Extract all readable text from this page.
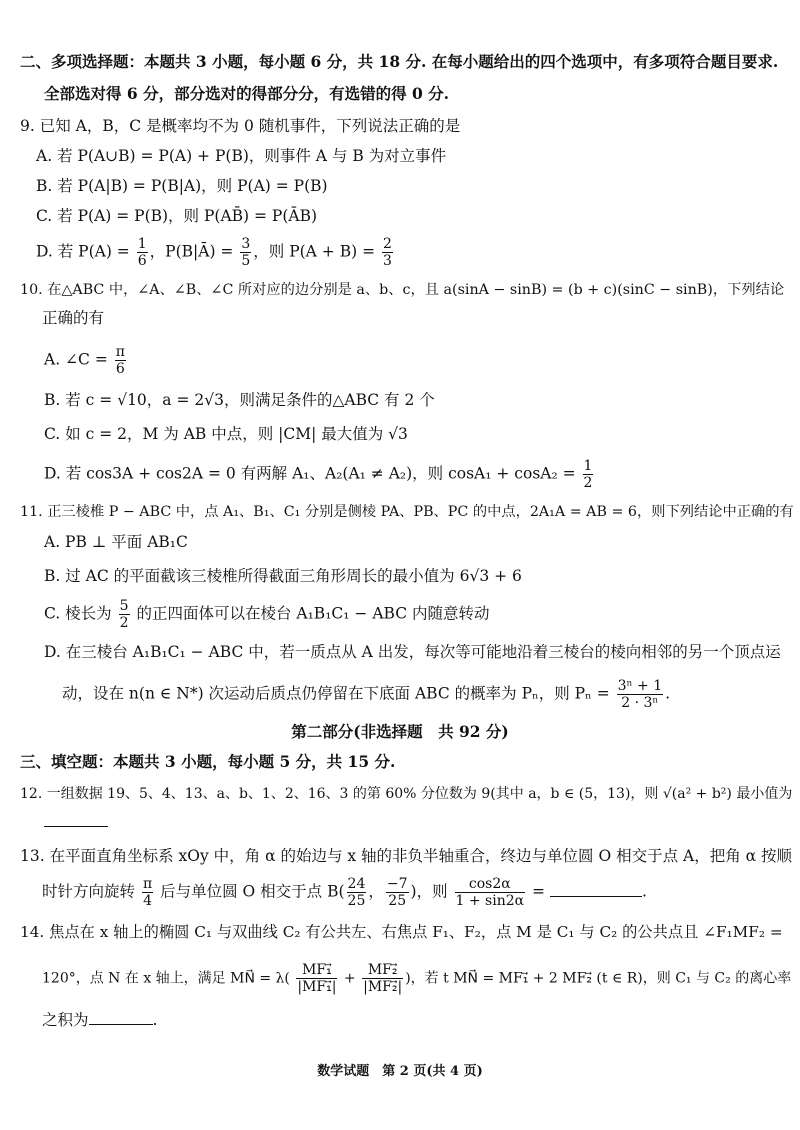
二、多项选择题：本题共 3 小题，每小题 6 分，共 18 分. 在每小题给出的四个选项中，有多项符合题目要求.
全部选对得 6 分，部分选对的得部分分，有选错的得 0 分.
9. 已知 A，B，C 是概率均不为 0 随机事件，下列说法正确的是
A. 若 P(A∪B) = P(A) + P(B)，则事件 A 与 B 为对立事件
B. 若 P(A|B) = P(B|A)，则 P(A) = P(B)
C. 若 P(A) = P(B)，则 P(AB̄) = P(ĀB)
D. 若 $P(A) = \frac{1}{6}$ ，P(B|Ā) = $\frac{3}{5}$ ，则 $P(A + B) = \frac{2}{3}$
10. 在△ABC 中，∠A、∠B、∠C 所对应的边分别是 a、b、c，且 a(sinA − sinB) = (b + c)(sinC − sinB)，下列结论
正确的有
A. ∠C = $\frac{\pi}{6}$
B. 若 c = √10，a = 2√3，则满足条件的△ABC 有 2 个
C. 如 c = 2，M 为 AB 中点，则 |CM| 最大值为 √3
D. 若 cos3A + cos2A = 0 有两解 A₁、A₂(A₁ ≠ A₂)，则 $\cos A_1 + \cos A_2 = \frac{1}{2}$
11. 正三棱椎 P − ABC 中，点 A₁、B₁、C₁ 分别是侧棱 PA、PB、PC 的中点，2A₁A = AB = 6，则下列结论中正确的有
A. PB ⊥ 平面 AB₁C
B. 过 AC 的平面截该三棱椎所得截面三角形周长的最小值为 6√3 + 6
C. 棱长为 $\frac{5}{2}$ 的正四面体可以在棱台 A₁B₁C₁ − ABC 内随意转动
D. 在三棱台 A₁B₁C₁ − ABC 中，若一质点从 A 出发，每次等可能地沿着三棱台的棱向相邻的另一个顶点运
动，设在 n(n ∈ N*) 次运动后质点仍停留在下底面 ABC 的概率为 Pₙ，则 $P_n = \frac{\text{3ⁿ + 1}}{\text{2 · 3ⁿ}}$ .
第二部分(非选择题　共 92 分)
三、填空题：本题共 3 小题，每小题 5 分，共 15 分.
12. 一组数据 19、5、4、13、a、b、1、2、16、3 的第 60% 分位数为 9(其中 a，b ∈ (5，13)，则 √(a² + b²) 最小值为
13. 在平面直角坐标系 xOy 中，角 α 的始边与 x 轴的非负半轴重合，终边与单位圆 O 相交于点 A，把角 α 按顺
时针方向旋转 $\frac{\pi}{4}$ 后与单位圆 O 相交于点 $B( \frac{24}{25}$ ， $\frac{-7}{25}$ )，则 $\frac{\cos 2\alpha}{1 + \sin 2\alpha}$ =	.
14. 焦点在 x 轴上的椭圆 C₁ 与双曲线 C₂ 有公共左、右焦点 F₁、F₂，点 M 是 C₁ 与 C₂ 的公共点且 ∠F₁MF₂ =
120°，点 N 在 x 轴上，满足 MN⃗ = $\lambda( \frac{\text{MF₁⃗}}{\text{|MF₁⃗|}} + \frac{\text{MF₂⃗}}{\text{|MF₂⃗|}}$ )，若 t MN⃗ = MF₁⃗ + 2 MF₂⃗ (t ∈ R)，则 C₁ 与 C₂ 的离心率
之积为	.
数学试题　第 2 页(共 4 页)
